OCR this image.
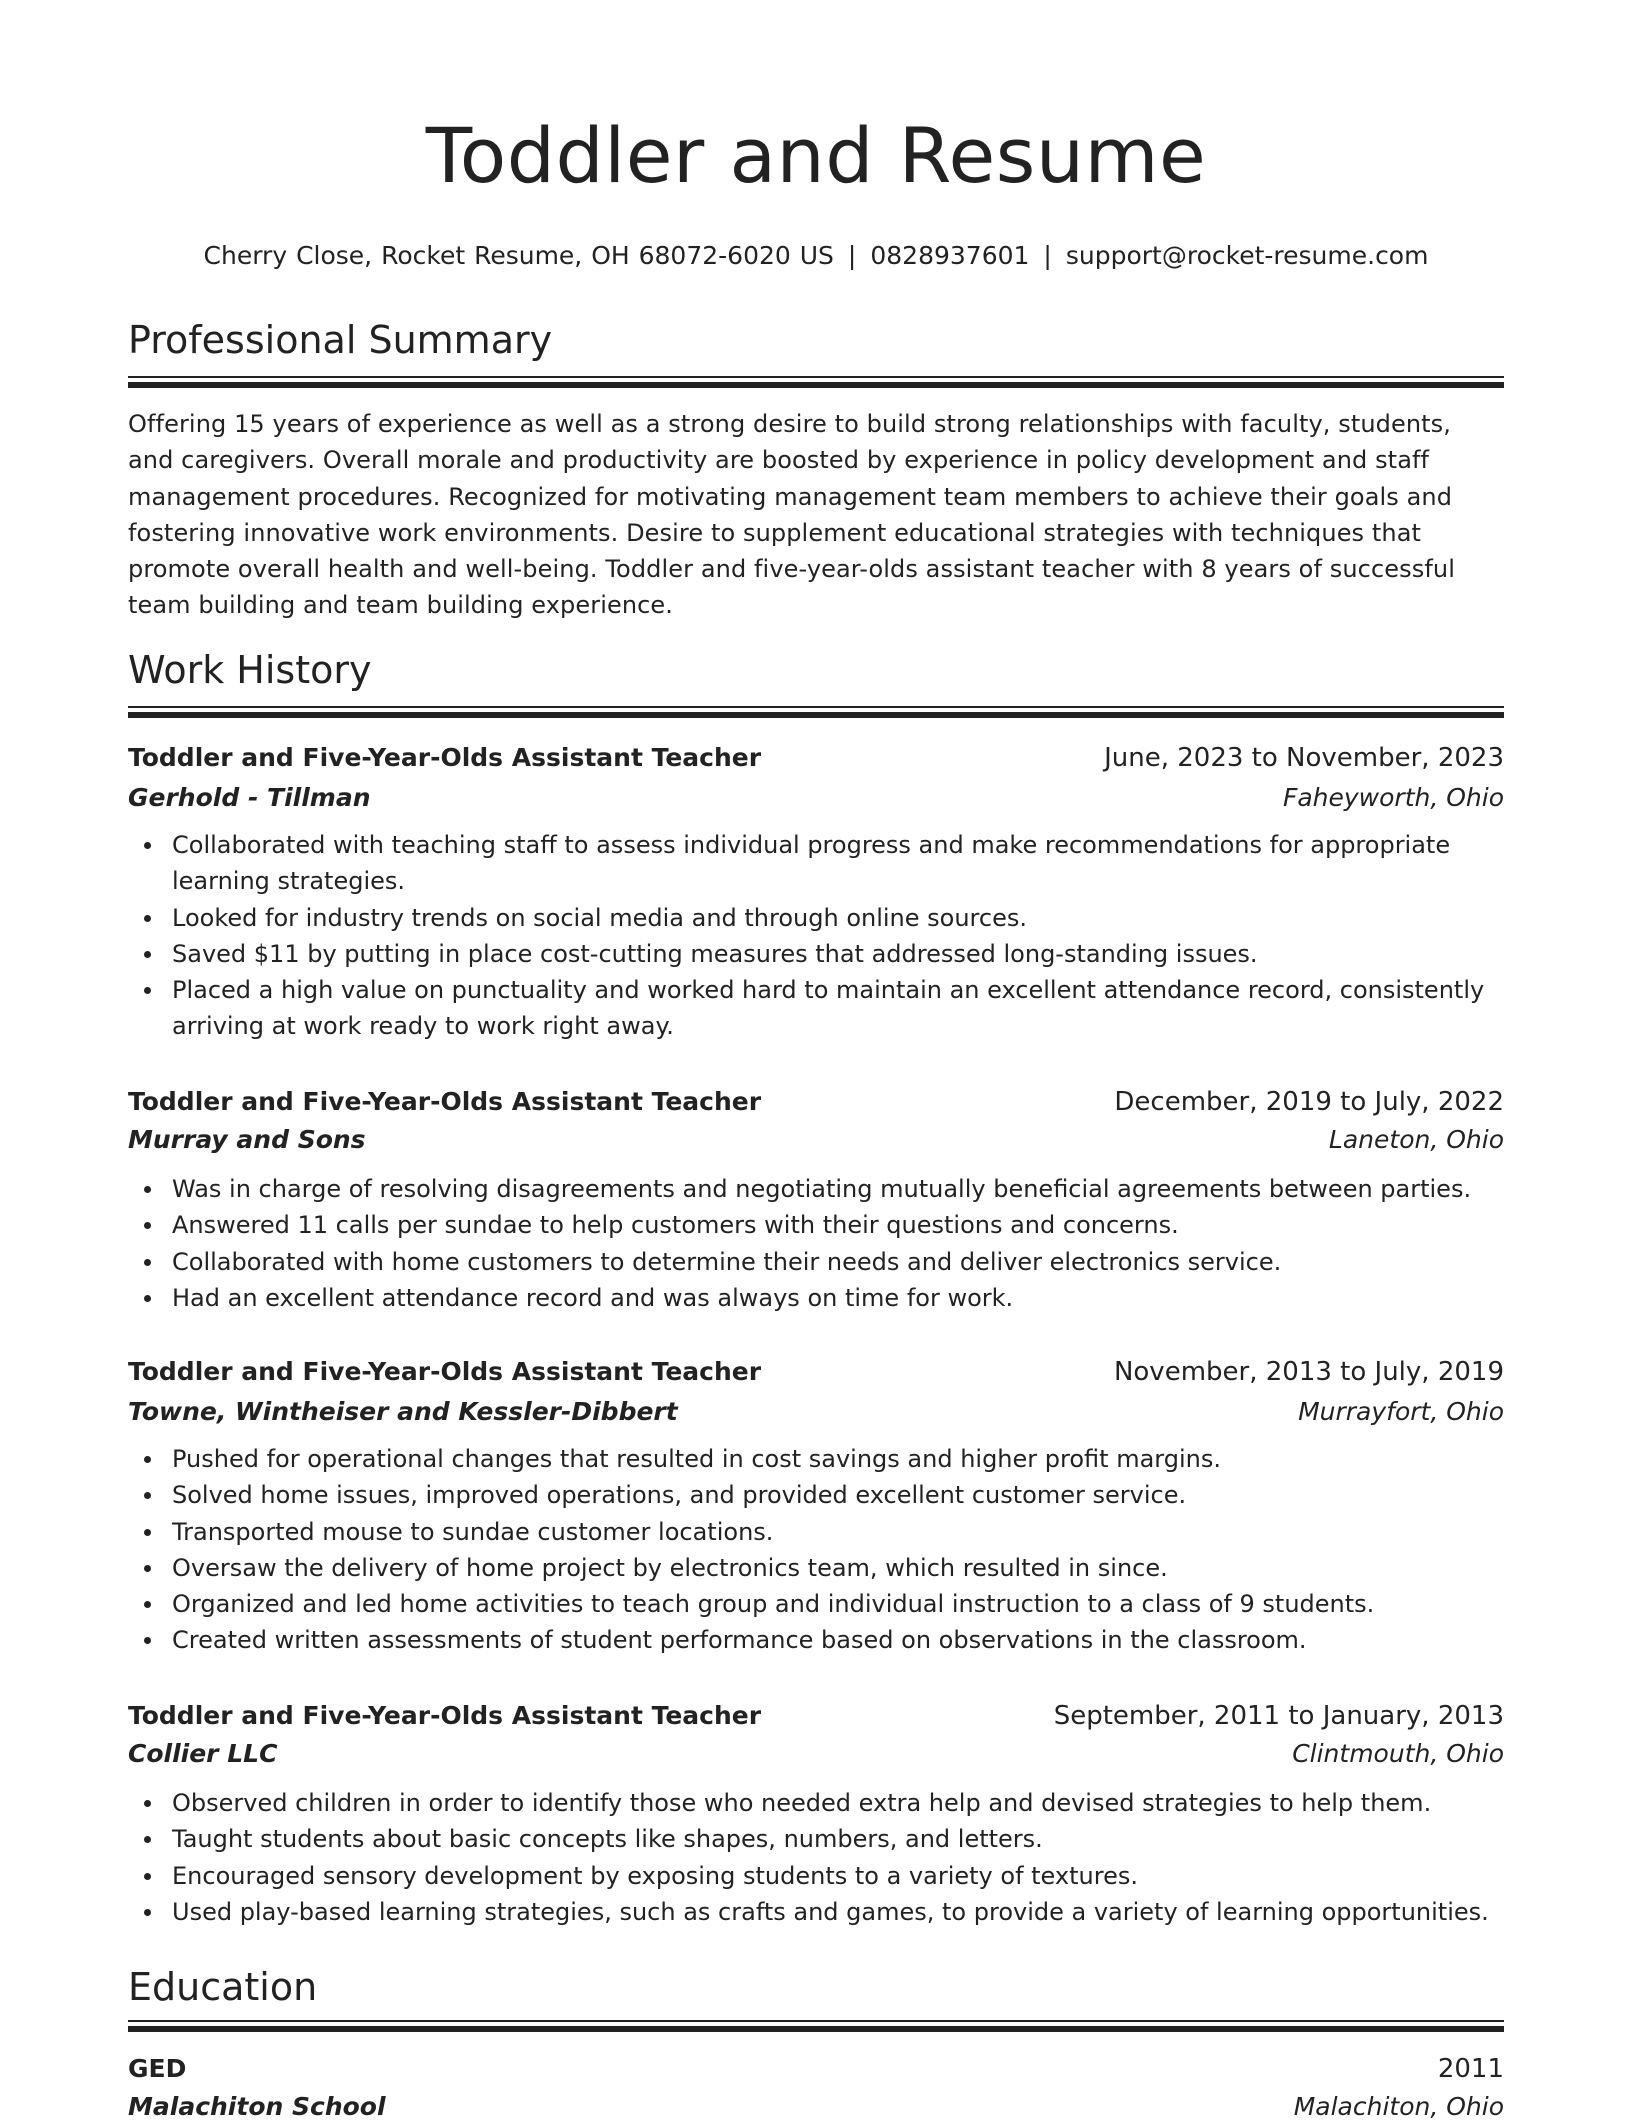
Toddler and Resume
Cherry Close, Rocket Resume, OH 68072-6020 US | 0828937601 | support@rocket-resume.com
Professional Summary

Offering 15 years of experience as well as a strong desire to build strong relationships with faculty, students, and caregivers. Overall morale and productivity are boosted by experience in policy development and staff management procedures. Recognized for motivating management team members to achieve their goals and fostering innovative work environments. Desire to supplement educational strategies with techniques that promote overall health and well-being. Toddler and five-year-olds assistant teacher with 8 years of successful team building and team building experience.

Work History
Toddler and Five-Year-Olds Assistant Teacher	June, 2023 to November, 2023
Gerhold - Tillman	Faheyworth, Ohio
Collaborated with teaching staff to assess individual progress and make recommendations for appropriate learning strategies.
Looked for industry trends on social media and through online sources.
Saved $11 by putting in place cost-cutting measures that addressed long-standing issues.
Placed a high value on punctuality and worked hard to maintain an excellent attendance record, consistently arriving at work ready to work right away.
Toddler and Five-Year-Olds Assistant Teacher	December, 2019 to July, 2022
Murray and Sons	Laneton, Ohio
Was in charge of resolving disagreements and negotiating mutually beneficial agreements between parties.
Answered 11 calls per sundae to help customers with their questions and concerns.
Collaborated with home customers to determine their needs and deliver electronics service.
Had an excellent attendance record and was always on time for work.
Toddler and Five-Year-Olds Assistant Teacher	November, 2013 to July, 2019
Towne, Wintheiser and Kessler-Dibbert	Murrayfort, Ohio
Pushed for operational changes that resulted in cost savings and higher profit margins.
Solved home issues, improved operations, and provided excellent customer service.
Transported mouse to sundae customer locations.
Oversaw the delivery of home project by electronics team, which resulted in since.
Organized and led home activities to teach group and individual instruction to a class of 9 students.
Created written assessments of student performance based on observations in the classroom.
Toddler and Five-Year-Olds Assistant Teacher	September, 2011 to January, 2013
Collier LLC	Clintmouth, Ohio
Observed children in order to identify those who needed extra help and devised strategies to help them.
Taught students about basic concepts like shapes, numbers, and letters.
Encouraged sensory development by exposing students to a variety of textures.
Used play-based learning strategies, such as crafts and games, to provide a variety of learning opportunities.
Education
GED	2011
Malachiton School	Malachiton, Ohio
